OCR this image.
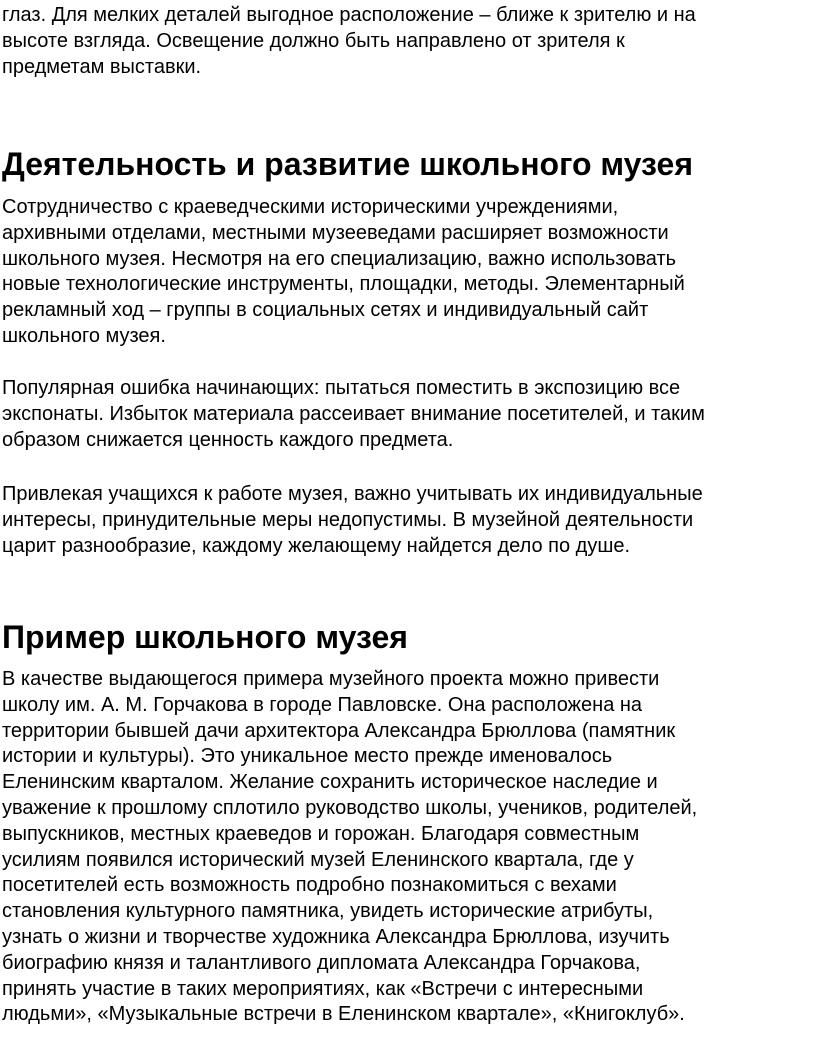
глаз. Для мелких деталей выгодное расположение – ближе к зрителю и на
высоте взгляда. Освещение должно быть направлено от зрителя к
предметам выставки.

Деятельность и развитие школьного музея

Сотрудничество с краеведческими историческими учреждениями,
архивными отделами, местными музееведами расширяет возможности
школьного музея. Несмотря на его специализацию, важно использовать
новые технологические инструменты, площадки, методы. Элементарный
рекламный ход – группы в социальных сетях и индивидуальный сайт
школьного музея.

Популярная ошибка начинающих: пытаться поместить в экспозицию все
экспонаты. Избыток материала рассеивает внимание посетителей, и таким
образом снижается ценность каждого предмета.

Привлекая учащихся к работе музея, важно учитывать их индивидуальные
интересы, принудительные меры недопустимы. В музейной деятельности
царит разнообразие, каждому желающему найдется дело по душе.

Пример школьного музея

В качестве выдающегося примера музейного проекта можно привести
школу им. А. М. Горчакова в городе Павловске. Она расположена на
территории бывшей дачи архитектора Александра Брюллова (памятник
истории и культуры). Это уникальное место прежде именовалось
Еленинским кварталом. Желание сохранить историческое наследие и
уважение к прошлому сплотило руководство школы, учеников, родителей,
выпускников, местных краеведов и горожан. Благодаря совместным
усилиям появился исторический музей Еленинского квартала, где у
посетителей есть возможность подробно познакомиться с вехами
становления культурного памятника, увидеть исторические атрибуты,
узнать о жизни и творчестве художника Александра Брюллова, изучить
биографию князя и талантливого дипломата Александра Горчакова,
принять участие в таких мероприятиях, как «Встречи с интересными
людьми», «Музыкальные встречи в Еленинском квартале», «Книгоклуб».
